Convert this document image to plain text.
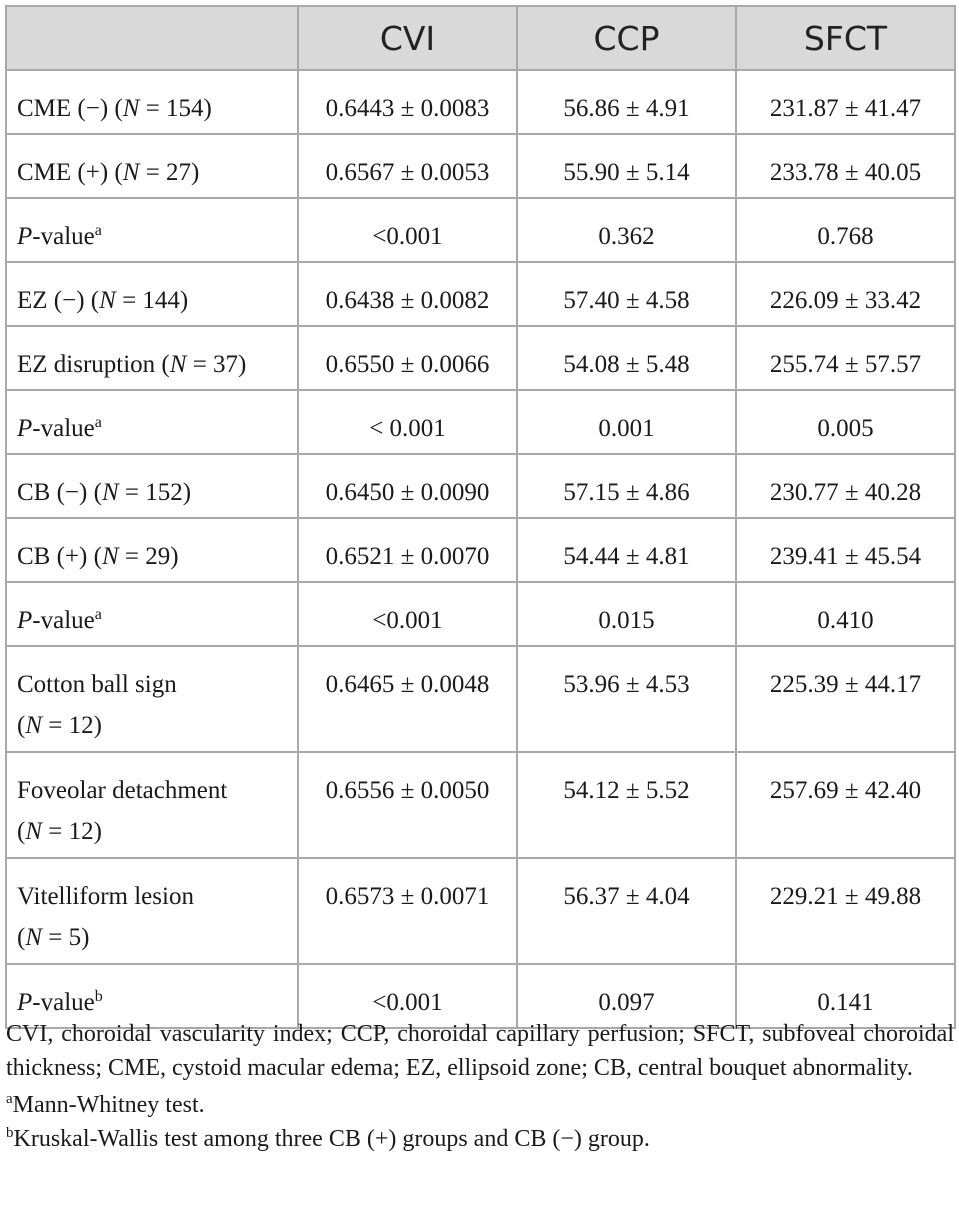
	CVI	CCP	SFCT
CME (−) (N = 154)	0.6443 ± 0.0083	56.86 ± 4.91	231.87 ± 41.47
CME (+) (N = 27)	0.6567 ± 0.0053	55.90 ± 5.14	233.78 ± 40.05
P-value$^a$	<0.001	0.362	0.768
EZ (−) (N = 144)	0.6438 ± 0.0082	57.40 ± 4.58	226.09 ± 33.42
EZ disruption (N = 37)	0.6550 ± 0.0066	54.08 ± 5.48	255.74 ± 57.57
P-value$^a$	< 0.001	0.001	0.005
CB (−) (N = 152)	0.6450 ± 0.0090	57.15 ± 4.86	230.77 ± 40.28
CB (+) (N = 29)	0.6521 ± 0.0070	54.44 ± 4.81	239.41 ± 45.54
P-value$^a$	<0.001	0.015	0.410
Cotton ball sign
(N = 12)	0.6465 ± 0.0048	53.96 ± 4.53	225.39 ± 44.17
Foveolar detachment
(N = 12)	0.6556 ± 0.0050	54.12 ± 5.52	257.69 ± 42.40
Vitelliform lesion
(N = 5)	0.6573 ± 0.0071	56.37 ± 4.04	229.21 ± 49.88
P-value$^b$	<0.001	0.097	0.141

CVI, choroidal vascularity index; CCP, choroidal capillary perfusion; SFCT, subfoveal choroidal thickness; CME, cystoid macular edema; EZ, ellipsoid zone; CB, central bouquet abnormality.

$^a$Mann-Whitney test.

$^b$Kruskal-Wallis test among three CB (+) groups and CB (−) group.
